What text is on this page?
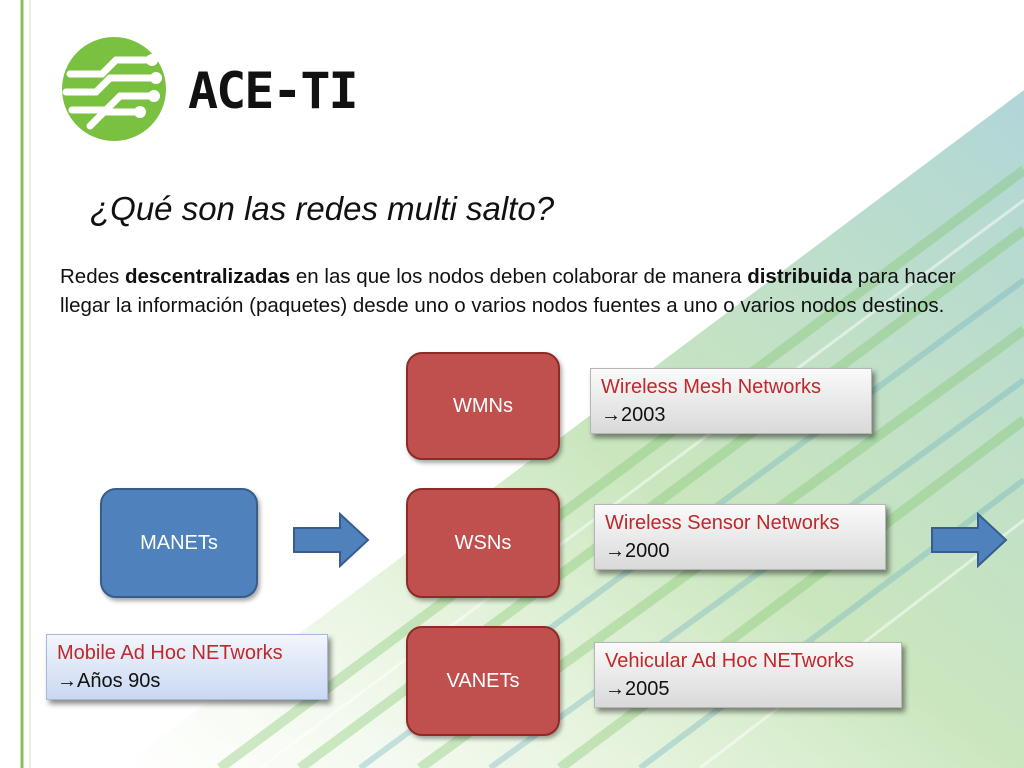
ACE-TI
¿Qué son las redes multi salto?
Redes descentralizadas en las que los nodos deben colaborar de manera distribuida para hacer llegar la información (paquetes) desde uno o varios nodos fuentes a uno o varios nodos destinos.
MANETs
WMNs
WSNs
VANETs
Wireless Mesh Networks
→2003
Wireless Sensor Networks
→2000
Vehicular Ad Hoc NETworks
→2005
Mobile Ad Hoc NETworks
→Años 90s
